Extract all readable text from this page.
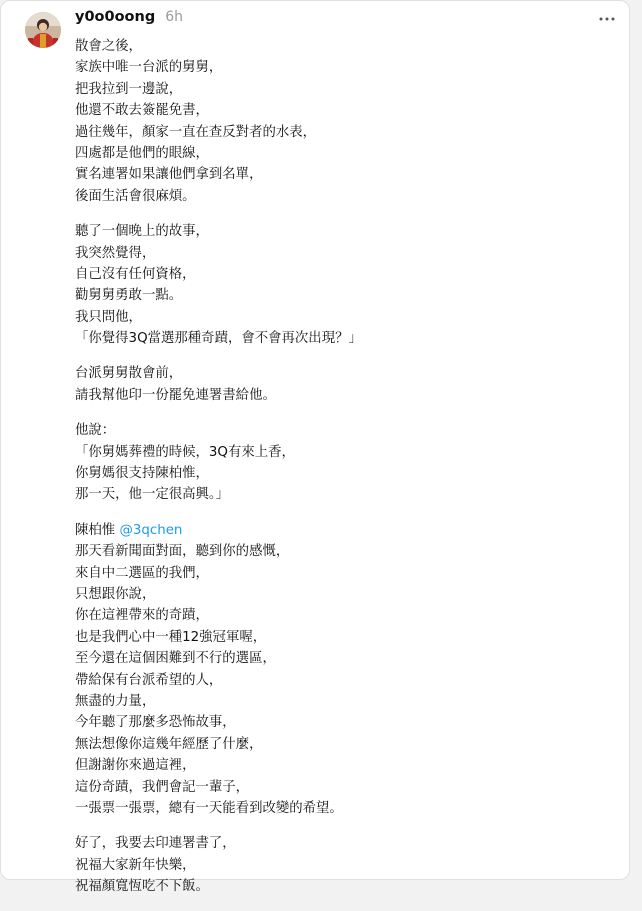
y0o0oong 6h

散會之後，
家族中唯一台派的舅舅，
把我拉到一邊說，
他還不敢去簽罷免書，
過往幾年，顏家一直在查反對者的水表，
四處都是他們的眼線，
實名連署如果讓他們拿到名單，
後面生活會很麻煩。

聽了一個晚上的故事，
我突然覺得，
自己沒有任何資格，
勸舅舅勇敢一點。
我只問他，
「你覺得3Q當選那種奇蹟，會不會再次出現？」

台派舅舅散會前，
請我幫他印一份罷免連署書給他。

他說：
「你舅媽葬禮的時候，3Q有來上香，
你舅媽很支持陳柏惟，
那一天，他一定很高興。」

陳柏惟 @3qchen
那天看新聞面對面，聽到你的感慨，
來自中二選區的我們，
只想跟你說，
你在這裡帶來的奇蹟，
也是我們心中一種12強冠軍喔，
至今還在這個困難到不行的選區，
帶給保有台派希望的人，
無盡的力量，
今年聽了那麼多恐怖故事，
無法想像你這幾年經歷了什麼，
但謝謝你來過這裡，
這份奇蹟，我們會記一輩子，
一張票一張票，總有一天能看到改變的希望。

好了，我要去印連署書了，
祝福大家新年快樂，
祝福顏寬恆吃不下飯。
